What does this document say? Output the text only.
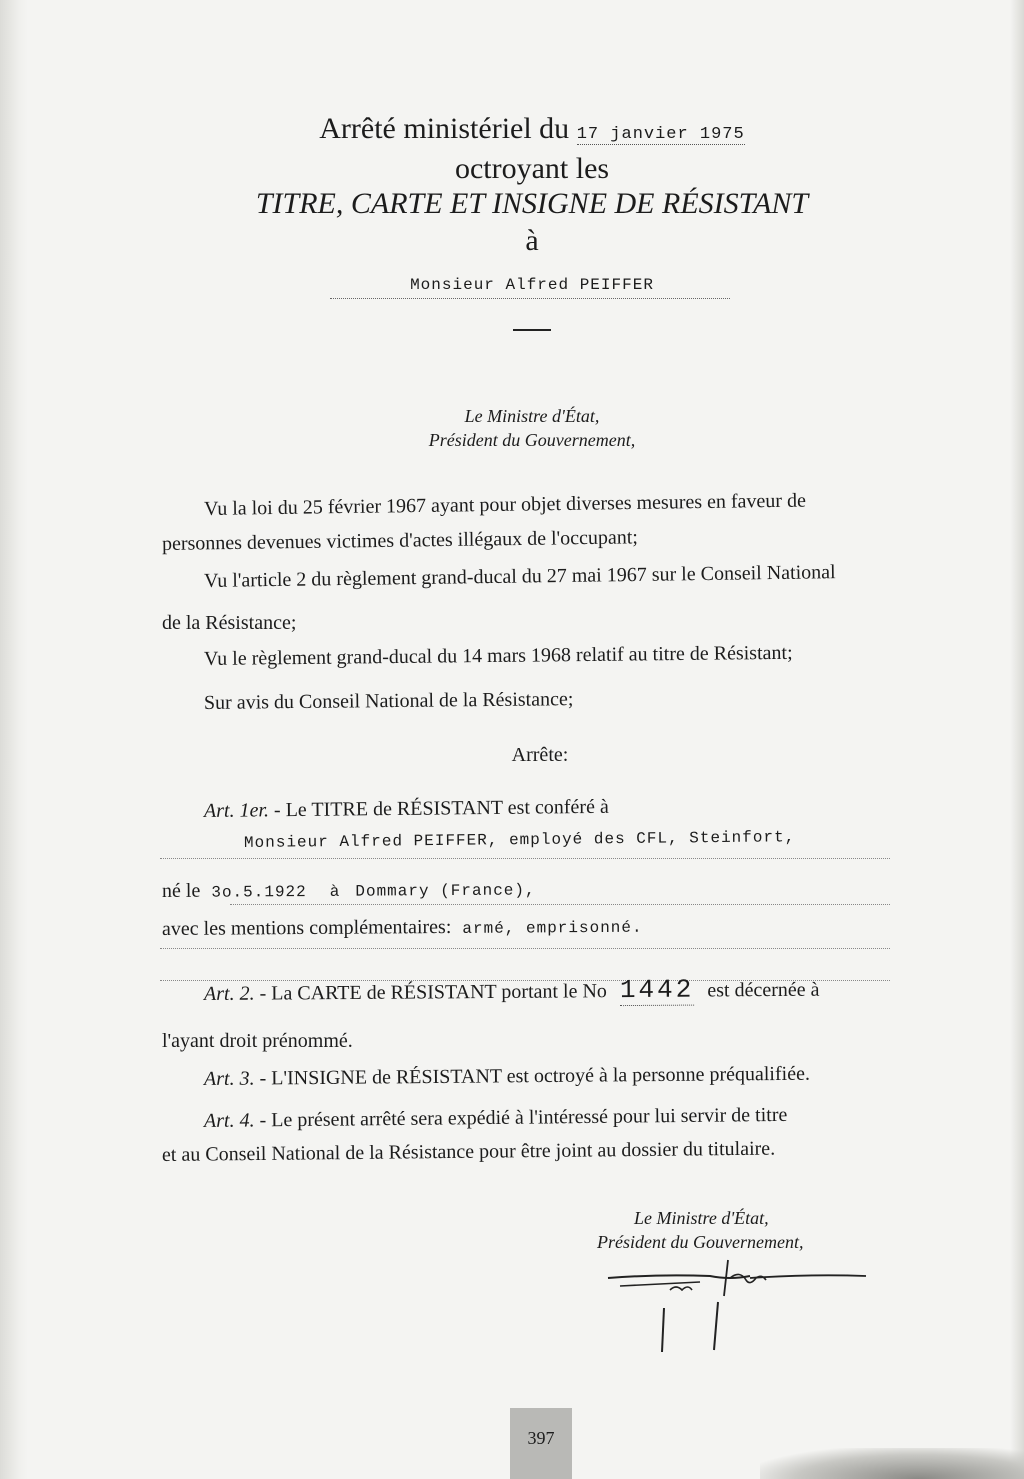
Arrêté ministériel du 17 janvier 1975
octroyant les
TITRE, CARTE ET INSIGNE DE RÉSISTANT
à
Monsieur Alfred PEIFFER
Le Ministre d'État,
Président du Gouvernement,
Vu la loi du 25 février 1967 ayant pour objet diverses mesures en faveur de
personnes devenues victimes d'actes illégaux de l'occupant;
Vu l'article 2 du règlement grand-ducal du 27 mai 1967 sur le Conseil National
de la Résistance;
Vu le règlement grand-ducal du 14 mars 1968 relatif au titre de Résistant;
Sur avis du Conseil National de la Résistance;
Arrête:
Art. 1er. - Le TITRE de RÉSISTANT est conféré à
Monsieur Alfred PEIFFER, employé des CFL, Steinfort,
né le 3o.5.1922 à Dommary (France),
avec les mentions complémentaires: armé, emprisonné.
Art. 2. - La CARTE de RÉSISTANT portant le No 1442 est décernée à
l'ayant droit prénommé.
Art. 3. - L'INSIGNE de RÉSISTANT est octroyé à la personne préqualifiée.
Art. 4. - Le présent arrêté sera expédié à l'intéressé pour lui servir de titre
et au Conseil National de la Résistance pour être joint au dossier du titulaire.
Le Ministre d'État,
Président du Gouvernement,
397
